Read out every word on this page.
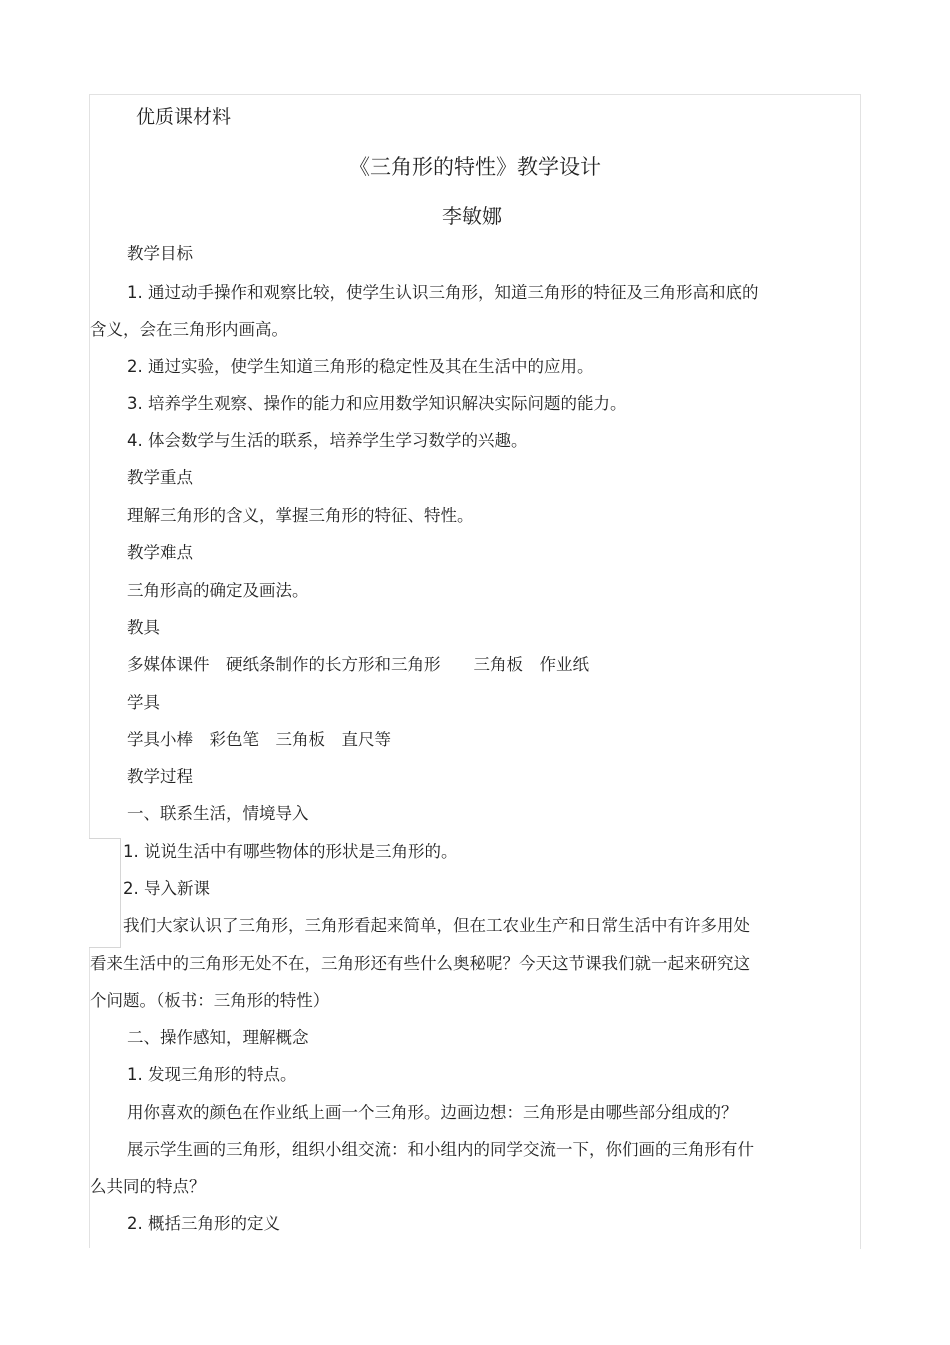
优质课材料
《三角形的特性》教学设计
李敏娜
教学目标
1. 通过动手操作和观察比较，使学生认识三角形，知道三角形的特征及三角形高和底的
含义，会在三角形内画高。
2. 通过实验，使学生知道三角形的稳定性及其在生活中的应用。
3. 培养学生观察、操作的能力和应用数学知识解决实际问题的能力。
4. 体会数学与生活的联系，培养学生学习数学的兴趣。
教学重点
理解三角形的含义，掌握三角形的特征、特性。
教学难点
三角形高的确定及画法。
教具
多媒体课件　硬纸条制作的长方形和三角形　　三角板　作业纸
学具
学具小棒　彩色笔　三角板　直尺等
教学过程
一、联系生活，情境导入
1. 说说生活中有哪些物体的形状是三角形的。
2. 导入新课
我们大家认识了三角形，三角形看起来简单，但在工农业生产和日常生活中有许多用处
看来生活中的三角形无处不在，三角形还有些什么奥秘呢？今天这节课我们就一起来研究这
个问题。（板书：三角形的特性）
二、操作感知，理解概念
1. 发现三角形的特点。
用你喜欢的颜色在作业纸上画一个三角形。边画边想：三角形是由哪些部分组成的？
展示学生画的三角形，组织小组交流：和小组内的同学交流一下，你们画的三角形有什
么共同的特点？
2. 概括三角形的定义
